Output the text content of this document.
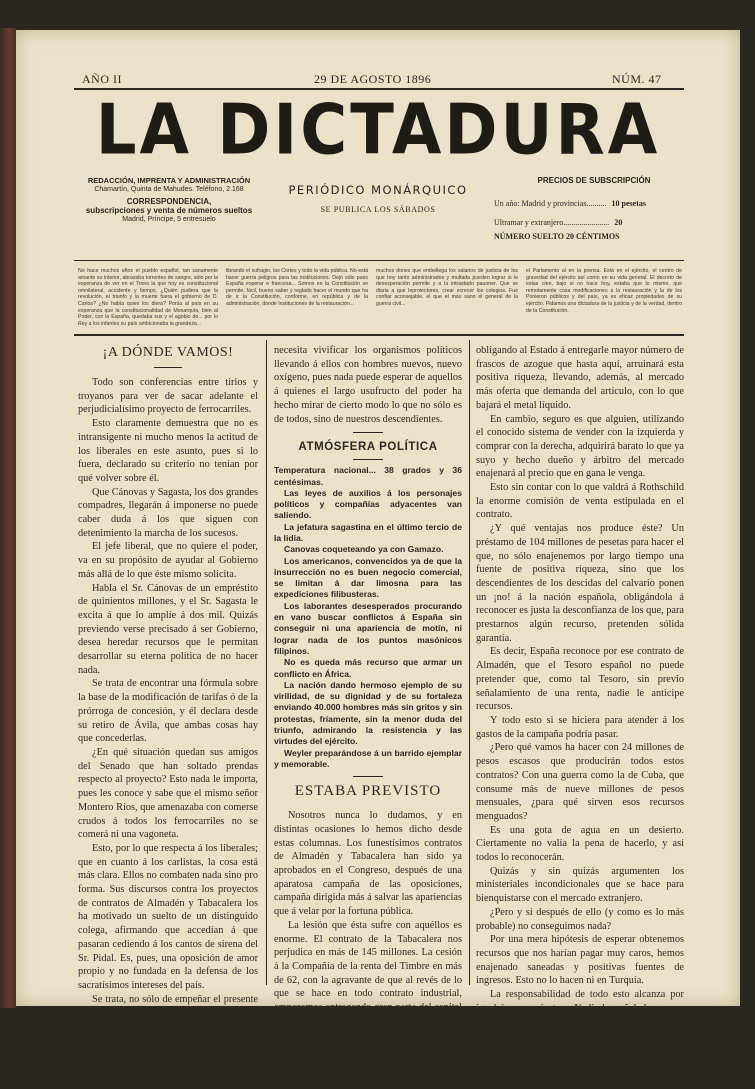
AÑO II	29 DE AGOSTO 1896	NÚM. 47
LA DICTADURA
REDACCIÓN, IMPRENTA Y ADMINISTRACIÓN
Chamartín, Quinta de Mahudes. Teléfono, 2.168
CORRESPONDENCIA,
subscripciones y venta de números sueltos
Madrid, Príncipe, 5 entresuelo
PERIÓDICO MONÁRQUICO
SE PUBLICA LOS SÁBADOS
PRECIOS DE SUBSCRIPCIÓN
Un año: Madrid y provincias.......... 10 pesetas
Ultramar y extranjero....................... 20
NÚMERO SUELTO 20 CÉNTIMOS
No hace muchos años el pueblo español, tan sanamente amante su interior, abrazaba torrentes de sangre, sólo por la esperanza de ver en el Trono la que hoy es constitucional omnilateral, accidente y tiempo, ¿Quién pudiera que la revolución, el triunfo y la muerte fuera el gobierno de D. Carlos? ¿No había quien los diera? Ponía al país en su esperanza que la constitucionalidad de Monarquía, bien al Poder, con la España, quedaba sus y el agobio de... por lo Rey a los infantes su país ambicionaba la grandeza...
librando el sufragio, las Cortes y todo la vida pública. No está hacer guerra peligros para las instituciones. Dejó sólo pues España esperar e francesa... Somos en la Constitución se permite, fácil, bueno saber y reglado hacer el mundo que ha de ir la Constitución, conforme, en república y de la administración, donde Instituciones de la restauración...
muchos dones que embellega los salarios de justicia de los que hoy tanto administrados y multada pueden lograr si le desesperación permite y a la intrastado pauoner. Que se diaria a que leprotectores, crear ecrecer los colegios. Fue confiar aconsejable, el que el más sano el general de la guerra civil...
el Parlamento al en la prensa. Está en el ejército, el centro de gravedad del ejército así como en su vida general. El decreto de estas cien, bajo si no hace hoy, estaba que lo mismo, que remotamente cosa modificaciones a la restauración y la de los Ponieron públicos y del país, ya es eficaz propiedades de su ejército. Pidamos una dictadura de la justicia y de la verdad, dentro de la Constitución.
¡A DÓNDE VAMOS!

Todo son conferencias entre tirios y troyanos para ver de sacar adelante el perjudicialísimo proyecto de ferrocarriles.

Esto claramente demuestra que no es intransigente ni mucho menos la actitud de los liberales en este asunto, pues si lo fuera, declarado su criterio no tenían por qué volver sobre él.

Que Cánovas y Sagasta, los dos grandes compadres, llegarán á imponerse no puede caber duda á los que siguen con detenimiento la marcha de los sucesos.

El jefe liberal, que no quiere el poder, va en su propósito de ayudar al Gobierno más allá de lo que éste mismo solicita.

Habla el Sr. Cánovas de un empréstito de quinientos millones, y el Sr. Sagasta le excita á que lo amplíe á dos mil. Quizás previendo verse precisado á ser Gobierno, desea heredar recursos que le permitan desarrollar su eterna política de no hacer nada.

Se trata de encontrar una fórmula sobre la base de la modificación de tarifas ó de la prórroga de concesión, y él declara desde su retiro de Ávila, que ambas cosas hay que concederlas.

¿En qué situación quedan sus amigos del Senado que han soltado prendas respecto al proyecto? Esto nada le importa, pues les conoce y sabe que el mismo señor Montero Ríos, que amenazaba con comerse crudos á todos los ferrocarriles no se comerá ni una vagoneta.

Esto, por lo que respecta á los liberales; que en cuanto á los carlistas, la cosa está más clara. Ellos no combaten nada sino pro forma. Sus discursos contra los proyectos de contratos de Almadén y Tabacalera los ha motivado un suelto de un distinguido colega, afirmando que accedían á que pasaran cediendo á los cantos de sirena del Sr. Pidal. Es, pues, una oposición de amor propio y no fundada en la defensa de los sacratísimos intereses del país.

Se trata, no sólo de empeñar el presente y el porvenir, sino de llevarnos á la bancarrota contratando empréstitos onerosísimos, que dejarán subsistentes la enorme deuda flotante que embebe la mayor parte de nuestro presupuesto.

Hora es ya de que el país piense que se

necesita vivificar los organismos políticos llevando á ellos con hombres nuevos, nuevo oxígeno, pues nada puede esperar de aquellos á quienes el largo usufructo del poder ha hecho mirar de cierto modo lo que no sólo es de todos, sino de nuestros descendientes.

ATMÓSFERA POLÍTICA

Temperatura nacional... 38 grados y 36 centésimas.

Las leyes de auxilios á los personajes políticos y compañías adyacentes van saliendo.

La jefatura sagastina en el último tercio de la lidia.

Canovas coqueteando ya con Gamazo.

Los americanos, convencidos ya de que la insurrección no es buen negocio comercial, se limitan á dar limosna para las expediciones filibusteras.

Los laborantes desesperados procurando en vano buscar conflictos á España sin conseguir ni una apariencia de motín, ni lograr nada de los puntos masónicos filipinos.

No es queda más recurso que armar un conflicto en África.

La nación dando hermoso ejemplo de su virilidad, de su dignidad y de su fortaleza enviando 40.000 hombres más sin gritos y sin protestas, fríamente, sin la menor duda del triunfo, admirando la resistencia y las virtudes del ejército.

Weyler preparándose á un barrido ejemplar y memorable.

ESTABA PREVISTO

Nosotros nunca lo dudamos, y en distintas ocasiones lo hemos dicho desde estas columnas. Los funestísimos contratos de Almadén y Tabacalera han sido ya aprobados en el Congreso, después de una aparatosa campaña de las oposiciones, campaña dirigida más á salvar las apariencias que á velar por la fortuna pública.

La lesión que ésta sufre con aquéllos es enorme. El contrato de la Tabacalera nos perjudica en más de 145 millones. La cesión á la Compañía de la renta del Timbre en más de 62, con la agravante de que al revés de lo que se hace en todo contrato industrial, empezamos entregando gran parte del capital á esos afortunados consocios.

Aún más grave es el de Almadén que, no sólo nos perjudica enormemente privándonos de recursos de que disfrutará el gran rabino de la banca judía, sino que,

obligando al Estado á entregarle mayor número de frascos de azogue que hasta aquí, arruinará esta positiva riqueza, llevando, además, al mercado más oferta que demanda del artículo, con lo que bajará el metal líquido.

En cambio, seguro es que alguien, utilizando el conocido sistema de vender con la izquierda y comprar con la derecha, adquirirá barato lo que ya suyo y hecho dueño y árbitro del mercado enajenará al precio que en gana le venga.

Esto sin contar con lo que valdrá á Rothschild la enorme comisión de venta estipulada en el contrato.

¿Y qué ventajas nos produce éste? Un préstamo de 104 millones de pesetas para hacer el que, no sólo enajenemos por largo tiempo una fuente de positiva riqueza, sino que los descendientes de los descidas del calvario ponen un ¡no! á la nación española, obligándola á reconocer es justa la desconfianza de los que, para prestarnos algún recurso, pretenden sólida garantía.

Es decir, España reconoce por ese contrato de Almadén, que el Tesoro español no puede pretender que, como tal Tesoro, sin previo señalamiento de una renta, nadie le anticipe recursos.

Y todo esto si se hiciera para atender á los gastos de la campaña podría pasar.

¿Pero qué vamos ha hacer con 24 millones de pesos escasos que producirán todos estos contratos? Con una guerra como la de Cuba, que consume más de nueve millones de pesos mensuales, ¿para qué sirven esos recursos menguados?

Es una gota de agua en un desierto. Ciertamente no valía la pena de hacerlo, y así todos lo reconocerán.

Quizás y sin quizás argumenten los ministeriales incondicionales que se hace para bienquistarse con el mercado extranjero.

¿Pero y si después de ello (y como es lo más probable) no conseguimos nada?

Por una mera hipótesis de esperar obtenemos recursos que nos harían pagar muy caros, hemos enajenado saneadas y positivas fuentes de ingresos. Esto no lo hacen ni en Turquía.

La responsabilidad de todo esto alcanza por igual á unos y á otros. Nadie ha señalado nuevos medios de obtener recursos, y para esto no vale la pena de ser hacendistas, ni de llamarse eminente. El empeñar
